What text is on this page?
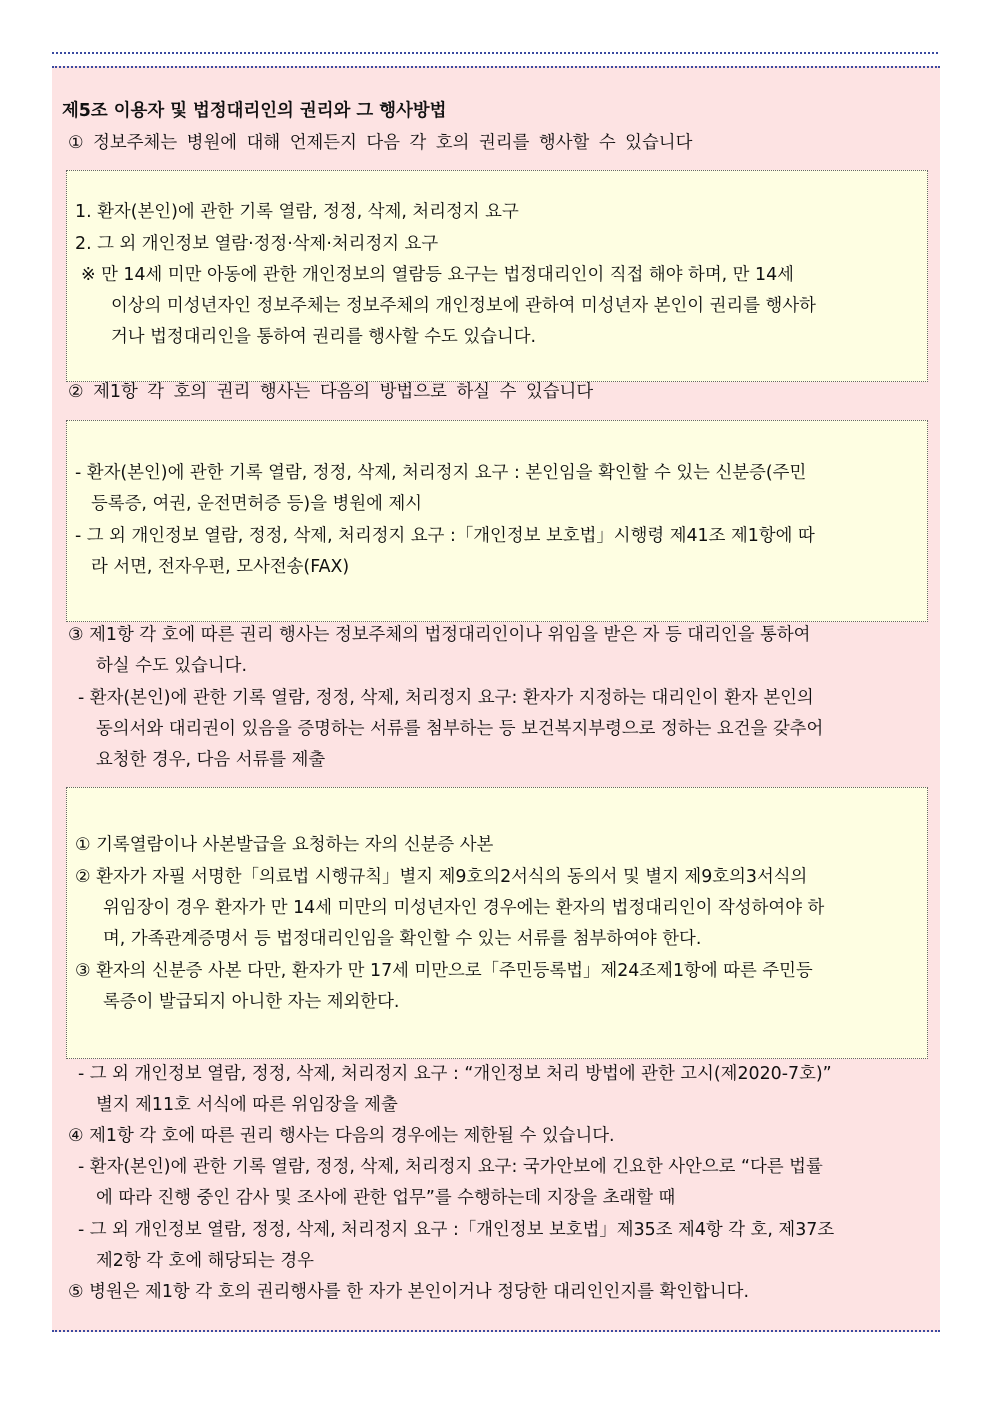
제5조 이용자 및 법정대리인의 권리와 그 행사방법
① 정보주체는 병원에 대해 언제든지 다음 각 호의 권리를 행사할 수 있습니다
1. 환자(본인)에 관한 기록 열람, 정정, 삭제, 처리정지 요구
2. 그 외 개인정보 열람·정정·삭제·처리정지 요구
※ 만 14세 미만 아동에 관한 개인정보의 열람등 요구는 법정대리인이 직접 해야 하며, 만 14세
이상의 미성년자인 정보주체는 정보주체의 개인정보에 관하여 미성년자 본인이 권리를 행사하
거나 법정대리인을 통하여 권리를 행사할 수도 있습니다.
② 제1항 각 호의 권리 행사는 다음의 방법으로 하실 수 있습니다
- 환자(본인)에 관한 기록 열람, 정정, 삭제, 처리정지 요구 : 본인임을 확인할 수 있는 신분증(주민
등록증, 여권, 운전면허증 등)을 병원에 제시
- 그 외 개인정보 열람, 정정, 삭제, 처리정지 요구 :「개인정보 보호법」시행령 제41조 제1항에 따
라 서면, 전자우편, 모사전송(FAX)
③ 제1항 각 호에 따른 권리 행사는 정보주체의 법정대리인이나 위임을 받은 자 등 대리인을 통하여
하실 수도 있습니다.
- 환자(본인)에 관한 기록 열람, 정정, 삭제, 처리정지 요구: 환자가 지정하는 대리인이 환자 본인의
동의서와 대리권이 있음을 증명하는 서류를 첨부하는 등 보건복지부령으로 정하는 요건을 갖추어
요청한 경우, 다음 서류를 제출
① 기록열람이나 사본발급을 요청하는 자의 신분증 사본
② 환자가 자필 서명한「의료법 시행규칙」별지 제9호의2서식의 동의서 및 별지 제9호의3서식의
위임장이 경우 환자가 만 14세 미만의 미성년자인 경우에는 환자의 법정대리인이 작성하여야 하
며, 가족관계증명서 등 법정대리인임을 확인할 수 있는 서류를 첨부하여야 한다.
③ 환자의 신분증 사본 다만, 환자가 만 17세 미만으로「주민등록법」제24조제1항에 따른 주민등
록증이 발급되지 아니한 자는 제외한다.
- 그 외 개인정보 열람, 정정, 삭제, 처리정지 요구 : “개인정보 처리 방법에 관한 고시(제2020-7호)”
별지 제11호 서식에 따른 위임장을 제출
④ 제1항 각 호에 따른 권리 행사는 다음의 경우에는 제한될 수 있습니다.
- 환자(본인)에 관한 기록 열람, 정정, 삭제, 처리정지 요구: 국가안보에 긴요한 사안으로 “다른 법률
에 따라 진행 중인 감사 및 조사에 관한 업무”를 수행하는데 지장을 초래할 때
- 그 외 개인정보 열람, 정정, 삭제, 처리정지 요구 :「개인정보 보호법」제35조 제4항 각 호, 제37조
제2항 각 호에 해당되는 경우
⑤ 병원은 제1항 각 호의 권리행사를 한 자가 본인이거나 정당한 대리인인지를 확인합니다.
